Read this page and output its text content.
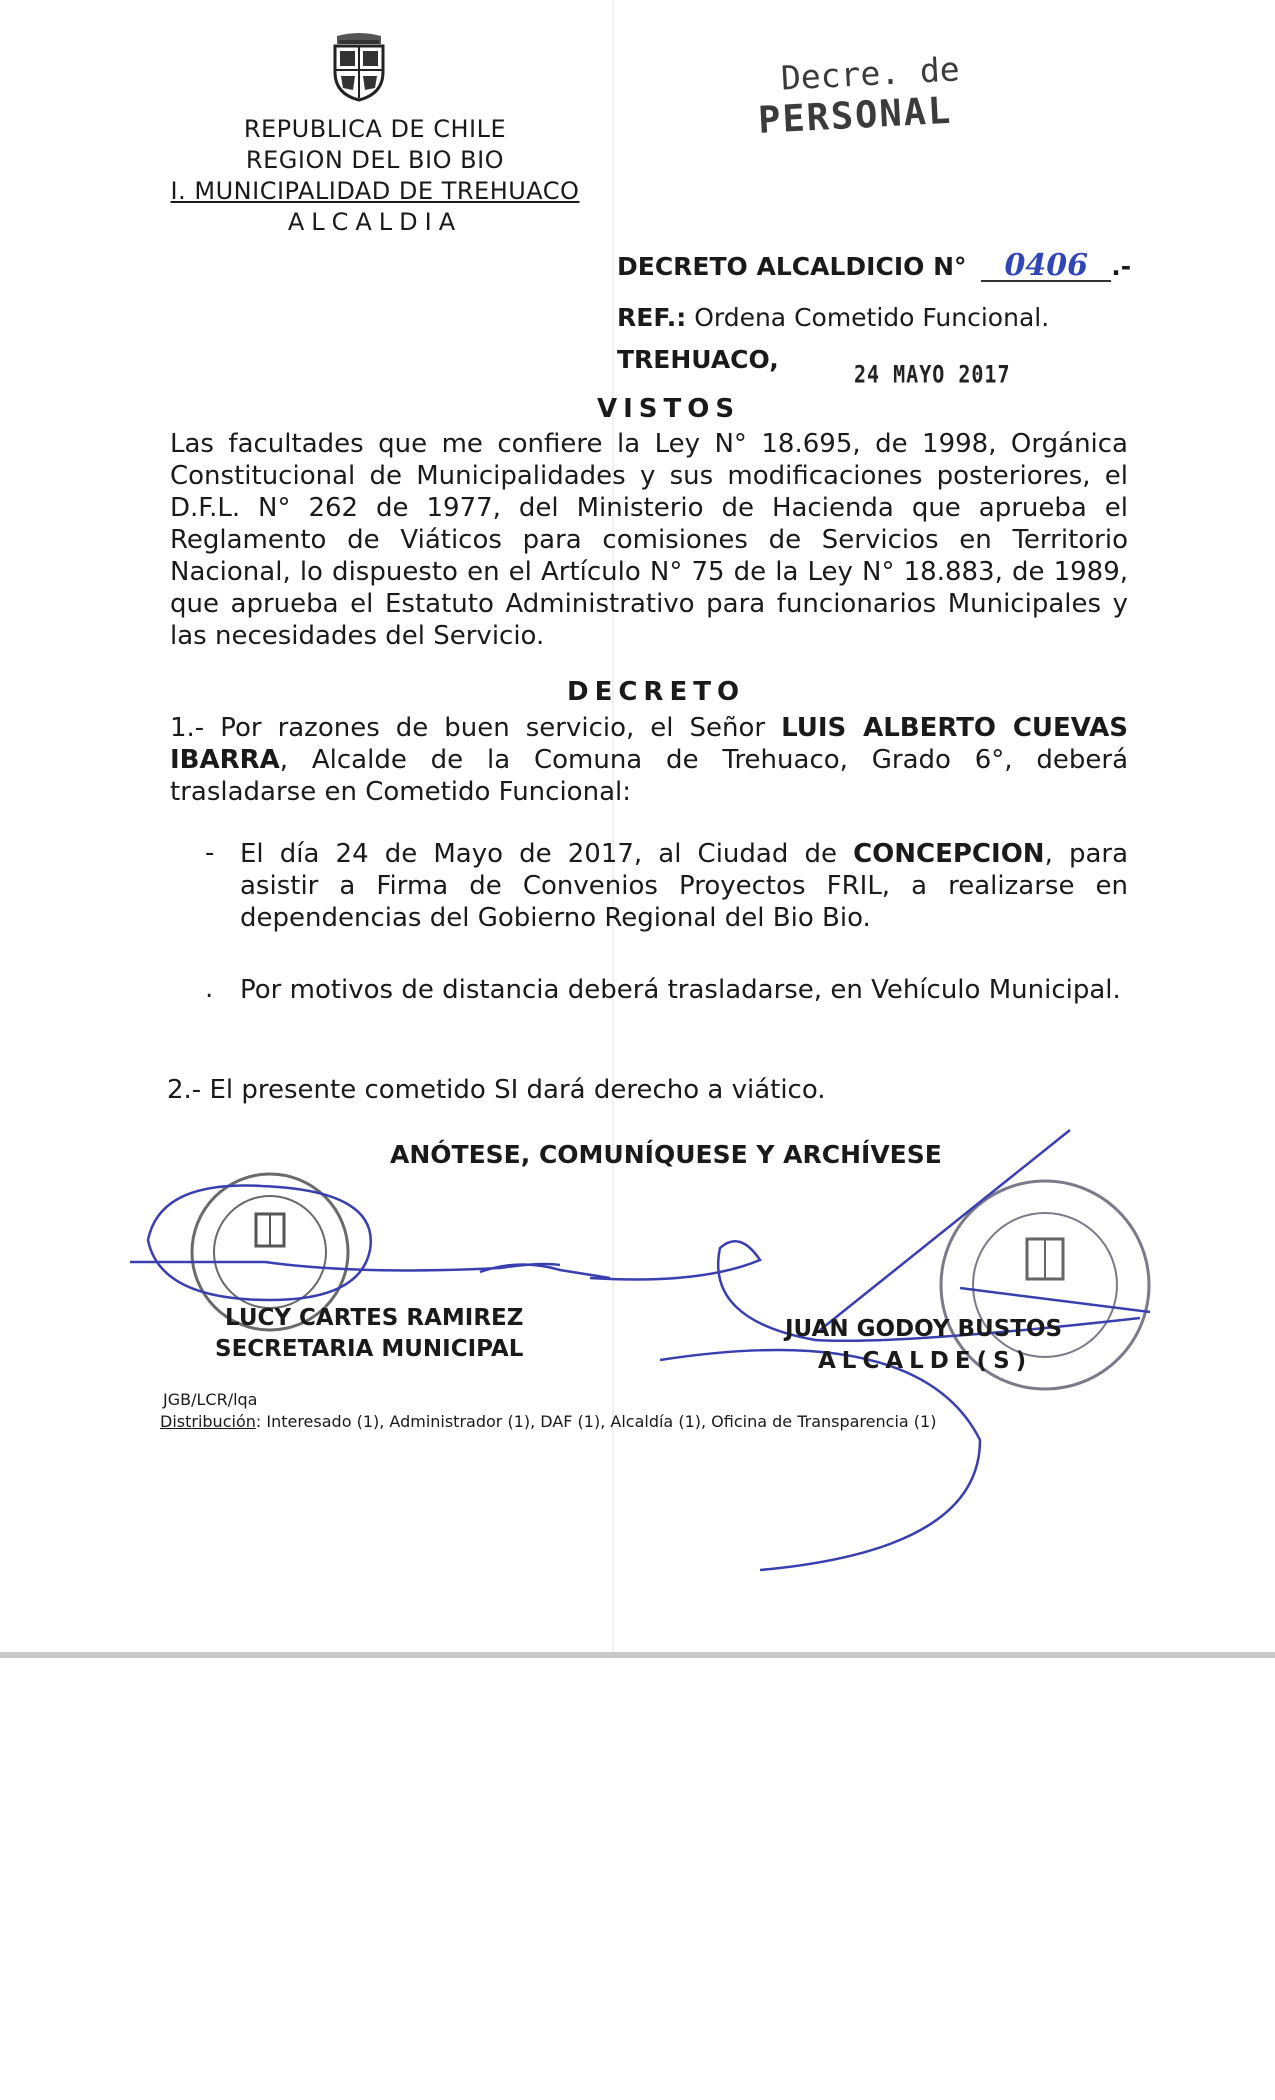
REPUBLICA DE CHILE
REGION DEL BIO BIO
I. MUNICIPALIDAD DE TREHUACO
ALCALDIA
Decre. de
PERSONAL
DECRETO ALCALDICIO N° 0406 .-
REF.: Ordena Cometido Funcional.
TREHUACO,	24 MAYO 2017
VISTOS
Las facultades que me confiere la Ley N° 18.695, de 1998, Orgánica Constitucional de Municipalidades y sus modificaciones posteriores, el D.F.L. N° 262 de 1977, del Ministerio de Hacienda que aprueba el Reglamento de Viáticos para comisiones de Servicios en Territorio Nacional, lo dispuesto en el Artículo N° 75 de la Ley N° 18.883, de 1989, que aprueba el Estatuto Administrativo para funcionarios Municipales y las necesidades del Servicio.
DECRETO
1.- Por razones de buen servicio, el Señor LUIS ALBERTO CUEVAS IBARRA, Alcalde de la Comuna de Trehuaco, Grado 6°, deberá trasladarse en Cometido Funcional:
- El día 24 de Mayo de 2017, al Ciudad de CONCEPCION, para asistir a Firma de Convenios Proyectos FRIL, a realizarse en dependencias del Gobierno Regional del Bio Bio.
. Por motivos de distancia deberá trasladarse, en Vehículo Municipal.
2.- El presente cometido SI dará derecho a viático.
ANÓTESE, COMUNÍQUESE Y ARCHÍVESE
LUCY CARTES RAMIREZ
SECRETARIA MUNICIPAL
JUAN GODOY BUSTOS
ALCALDE(S)
JGB/LCR/lqa
Distribución: Interesado (1), Administrador (1), DAF (1), Alcaldía (1), Oficina de Transparencia (1)
